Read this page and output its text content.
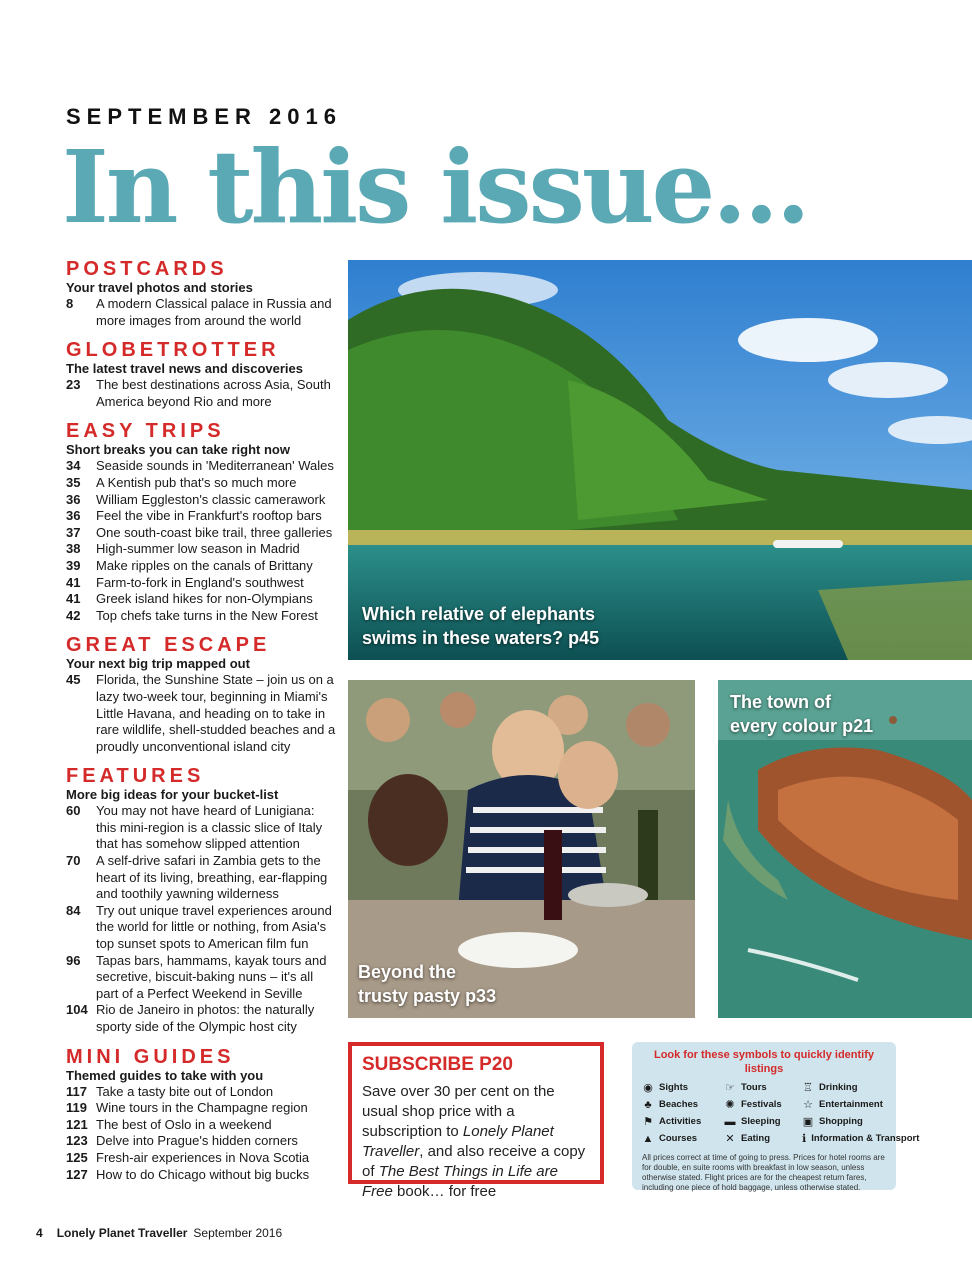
SEPTEMBER 2016
In this issue...
POSTCARDS
Your travel photos and stories
8	A modern Classical palace in Russia and more images from around the world
GLOBETROTTER
The latest travel news and discoveries
23	The best destinations across Asia, South America beyond Rio and more
EASY TRIPS
Short breaks you can take right now
34	Seaside sounds in 'Mediterranean' Wales
35	A Kentish pub that's so much more
36	William Eggleston's classic camerawork
36	Feel the vibe in Frankfurt's rooftop bars
37	One south-coast bike trail, three galleries
38	High-summer low season in Madrid
39	Make ripples on the canals of Brittany
41	Farm-to-fork in England's southwest
41	Greek island hikes for non-Olympians
42	Top chefs take turns in the New Forest
GREAT ESCAPE
Your next big trip mapped out
45	Florida, the Sunshine State – join us on a lazy two-week tour, beginning in Miami's Little Havana, and heading on to take in rare wildlife, shell-studded beaches and a proudly unconventional island city
FEATURES
More big ideas for your bucket-list
60	You may not have heard of Lunigiana: this mini-region is a classic slice of Italy that has somehow slipped attention
70	A self-drive safari in Zambia gets to the heart of its living, breathing, ear-flapping and toothily yawning wilderness
84	Try out unique travel experiences around the world for little or nothing, from Asia's top sunset spots to American film fun
96	Tapas bars, hammams, kayak tours and secretive, biscuit-baking nuns – it's all part of a Perfect Weekend in Seville
104 Rio de Janeiro in photos: the naturally sporty side of the Olympic host city
MINI GUIDES
Themed guides to take with you
117 Take a tasty bite out of London
119 Wine tours in the Champagne region
121 The best of Oslo in a weekend
123 Delve into Prague's hidden corners
125 Fresh-air experiences in Nova Scotia
127 How to do Chicago without big bucks
Which relative of elephants
swims in these waters? p45
Beyond the
trusty pasty p33
The town of
every colour p21
SUBSCRIBE P20
Save over 30 per cent on the usual shop price with a subscription to Lonely Planet Traveller, and also receive a copy of The Best Things in Life are Free book… for free
Look for these symbols to quickly identify listings
◉ Sights	☞ Tours	♖ Drinking
♣ Beaches ✺ Festivals ☆ Entertainment
⚑ Activities ▬ Sleeping ▣ Shopping
▲ Courses	✕ Eating	ℹ Information & Transport
All prices correct at time of going to press. Prices for hotel rooms are for double, en suite rooms with breakfast in low season, unless otherwise stated. Flight prices are for the cheapest return fares, including one piece of hold baggage, unless otherwise stated.
4 Lonely Planet Traveller September 2016
